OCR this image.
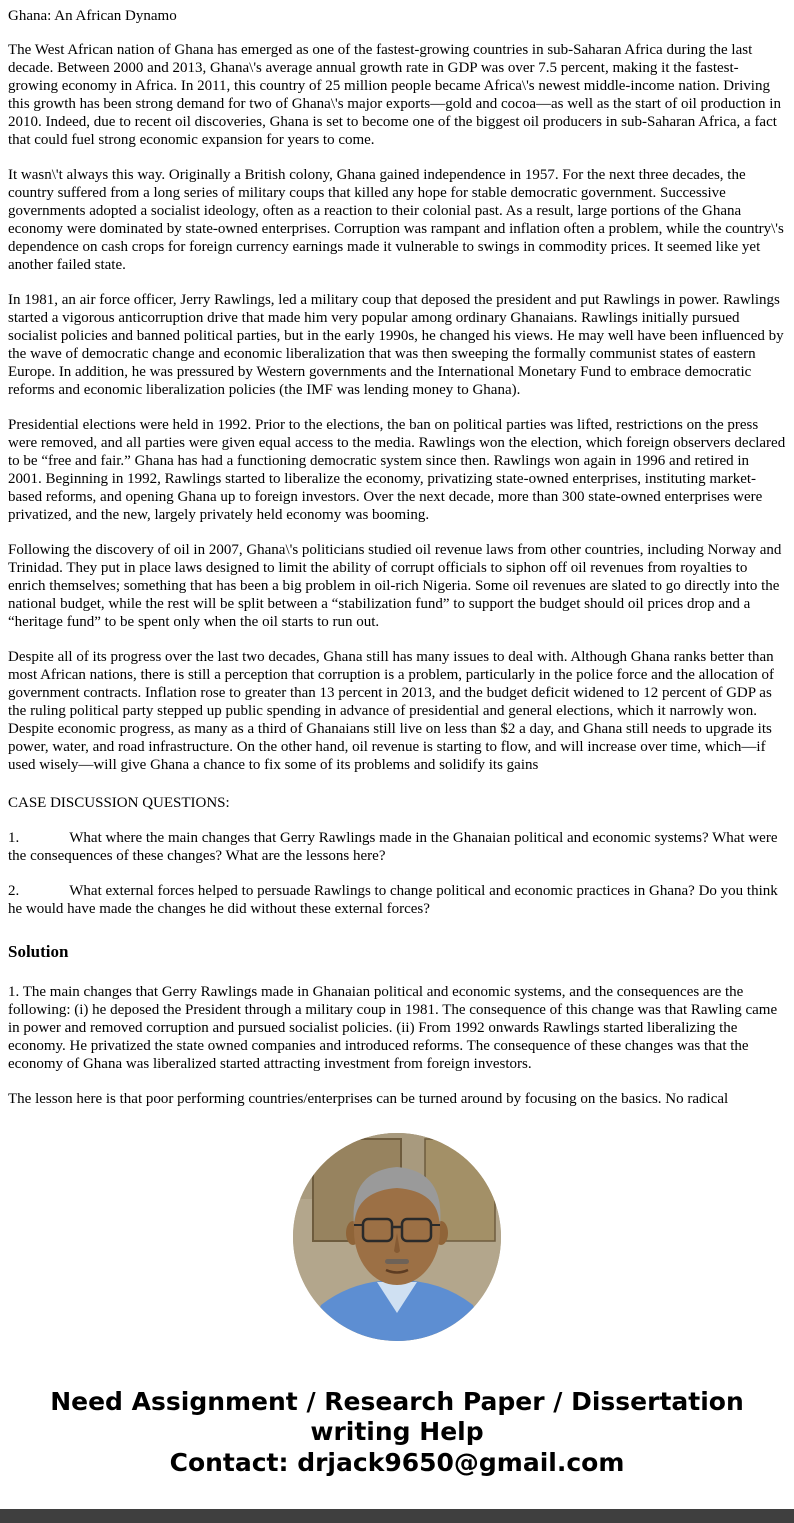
Ghana: An African Dynamo

The West African nation of Ghana has emerged as one of the fastest-growing countries in sub-Saharan Africa during the last decade. Between 2000 and 2013, Ghana\'s average annual growth rate in GDP was over 7.5 percent, making it the fastest-growing economy in Africa. In 2011, this country of 25 million people became Africa\'s newest middle-income nation. Driving this growth has been strong demand for two of Ghana\'s major exports—gold and cocoa—as well as the start of oil production in 2010. Indeed, due to recent oil discoveries, Ghana is set to become one of the biggest oil producers in sub-Saharan Africa, a fact that could fuel strong economic expansion for years to come.

It wasn\'t always this way. Originally a British colony, Ghana gained independence in 1957. For the next three decades, the country suffered from a long series of military coups that killed any hope for stable democratic government. Successive governments adopted a socialist ideology, often as a reaction to their colonial past. As a result, large portions of the Ghana economy were dominated by state-owned enterprises. Corruption was rampant and inflation often a problem, while the country\'s dependence on cash crops for foreign currency earnings made it vulnerable to swings in commodity prices. It seemed like yet another failed state.

In 1981, an air force officer, Jerry Rawlings, led a military coup that deposed the president and put Rawlings in power. Rawlings started a vigorous anticorruption drive that made him very popular among ordinary Ghanaians. Rawlings initially pursued socialist policies and banned political parties, but in the early 1990s, he changed his views. He may well have been influenced by the wave of democratic change and economic liberalization that was then sweeping the formally communist states of eastern Europe. In addition, he was pressured by Western governments and the International Monetary Fund to embrace democratic reforms and economic liberalization policies (the IMF was lending money to Ghana).

Presidential elections were held in 1992. Prior to the elections, the ban on political parties was lifted, restrictions on the press were removed, and all parties were given equal access to the media. Rawlings won the election, which foreign observers declared to be “free and fair.” Ghana has had a functioning democratic system since then. Rawlings won again in 1996 and retired in 2001. Beginning in 1992, Rawlings started to liberalize the economy, privatizing state-owned enterprises, instituting market-based reforms, and opening Ghana up to foreign investors. Over the next decade, more than 300 state-owned enterprises were privatized, and the new, largely privately held economy was booming.

Following the discovery of oil in 2007, Ghana\'s politicians studied oil revenue laws from other countries, including Norway and Trinidad. They put in place laws designed to limit the ability of corrupt officials to siphon off oil revenues from royalties to enrich themselves; something that has been a big problem in oil-rich Nigeria. Some oil revenues are slated to go directly into the national budget, while the rest will be split between a “stabilization fund” to support the budget should oil prices drop and a “heritage fund” to be spent only when the oil starts to run out.

Despite all of its progress over the last two decades, Ghana still has many issues to deal with. Although Ghana ranks better than most African nations, there is still a perception that corruption is a problem, particularly in the police force and the allocation of government contracts. Inflation rose to greater than 13 percent in 2013, and the budget deficit widened to 12 percent of GDP as the ruling political party stepped up public spending in advance of presidential and general elections, which it narrowly won. Despite economic progress, as many as a third of Ghanaians still live on less than $2 a day, and Ghana still needs to upgrade its power, water, and road infrastructure. On the other hand, oil revenue is starting to flow, and will increase over time, which—if used wisely—will give Ghana a chance to fix some of its problems and solidify its gains

CASE DISCUSSION QUESTIONS:

1.	What where the main changes that Gerry Rawlings made in the Ghanaian political and economic systems? What were the consequences of these changes? What are the lessons here?

2.	What external forces helped to persuade Rawlings to change political and economic practices in Ghana? Do you think he would have made the changes he did without these external forces?

Solution

1. The main changes that Gerry Rawlings made in Ghanaian political and economic systems, and the consequences are the following: (i) he deposed the President through a military coup in 1981. The consequence of this change was that Rawling came in power and removed corruption and pursued socialist policies. (ii) From 1992 onwards Rawlings started liberalizing the economy. He privatized the state owned companies and introduced reforms. The consequence of these changes was that the economy of Ghana was liberalized started attracting investment from foreign investors.

The lesson here is that poor performing countries/enterprises can be turned around by focusing on the basics. No radical

Need Assignment / Research Paper / Dissertation writing Help
Contact: drjack9650@gmail.com
